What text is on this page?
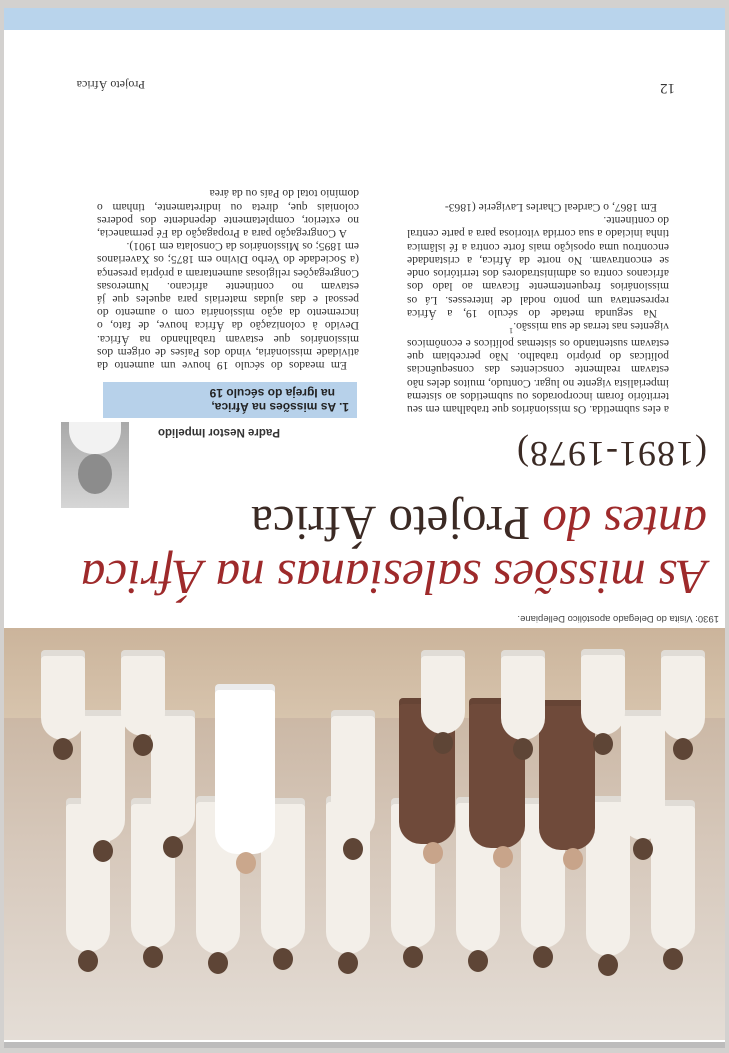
1930: Visita do Delegado apostólico Dellepiane.
As missões salesianas na África
antes do Projeto África
(1891-1978)
Padre Nestor Impelido
1. As missões na África,
na Igreja do século 19

Em meados do século 19 houve um aumento da atividade missionária, vindo dos Países de origem dos missionários que estavam trabalhando na África. Devido à colonização da África houve, de fato, o incremento da ação missionária com o aumento do pessoal e das ajudas materiais para aqueles que já estavam no continente africano. Numerosas Congregações religiosas aumentaram a própria presença (a Sociedade do Verbo Divino em 1875; os Xaverianos em 1895; os Missionários da Consolata em 1901).

A Congregação para a Propagação da Fé permanecia, no exterior, completamente dependente dos poderes coloniais que, direta ou indiretamente, tinham o domínio total do País ou da área

a eles submetida. Os missionários que trabalham em seu território foram incorporados ou submetidos ao sistema imperialista vigente no lugar. Contudo, muitos deles não estavam realmente conscientes das consequências políticas do próprio trabalho. Não percebiam que estavam sustentando os sistemas políticos e econômicos vigentes nas terras de sua missão.$^1$

Na segunda metade do século 19, a África representava um ponto nodal de interesses. Lá os missionários frequentemente ficavam ao lado dos africanos contra os administradores dos territórios onde se encontravam. No norte da África, a cristandade encontrou uma oposição mais forte contra a fé islâmica tinha iniciado a sua corrida vitoriosa para a parte central do continente.

Em 1867, o Cardeal Charles Lavigerie (1863-

Projeto África	12
